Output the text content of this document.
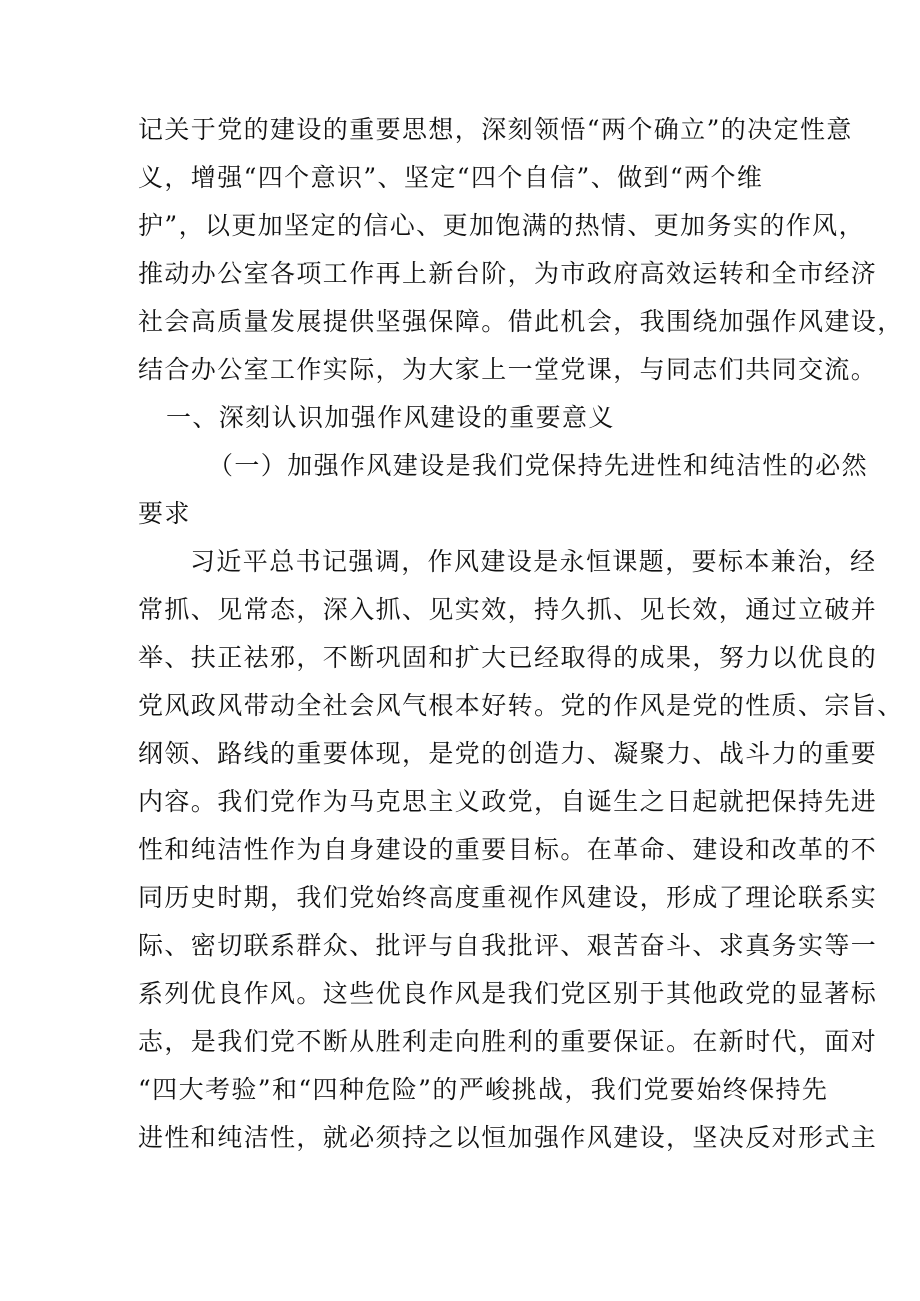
记关于党的建设的重要思想，深刻领悟“两个确立”的决定性意
义，增强“四个意识”、坚定“四个自信”、做到“两个维
护”，以更加坚定的信心、更加饱满的热情、更加务实的作风，
推动办公室各项工作再上新台阶，为市政府高效运转和全市经济
社会高质量发展提供坚强保障。借此机会，我围绕加强作风建设，
结合办公室工作实际，为大家上一堂党课，与同志们共同交流。
一、深刻认识加强作风建设的重要意义
（一）加强作风建设是我们党保持先进性和纯洁性的必然
要求
习近平总书记强调，作风建设是永恒课题，要标本兼治，经
常抓、见常态，深入抓、见实效，持久抓、见长效，通过立破并
举、扶正祛邪，不断巩固和扩大已经取得的成果，努力以优良的
党风政风带动全社会风气根本好转。党的作风是党的性质、宗旨、
纲领、路线的重要体现，是党的创造力、凝聚力、战斗力的重要
内容。我们党作为马克思主义政党，自诞生之日起就把保持先进
性和纯洁性作为自身建设的重要目标。在革命、建设和改革的不
同历史时期，我们党始终高度重视作风建设，形成了理论联系实
际、密切联系群众、批评与自我批评、艰苦奋斗、求真务实等一
系列优良作风。这些优良作风是我们党区别于其他政党的显著标
志，是我们党不断从胜利走向胜利的重要保证。在新时代，面对
“四大考验”和“四种危险”的严峻挑战，我们党要始终保持先
进性和纯洁性，就必须持之以恒加强作风建设，坚决反对形式主
